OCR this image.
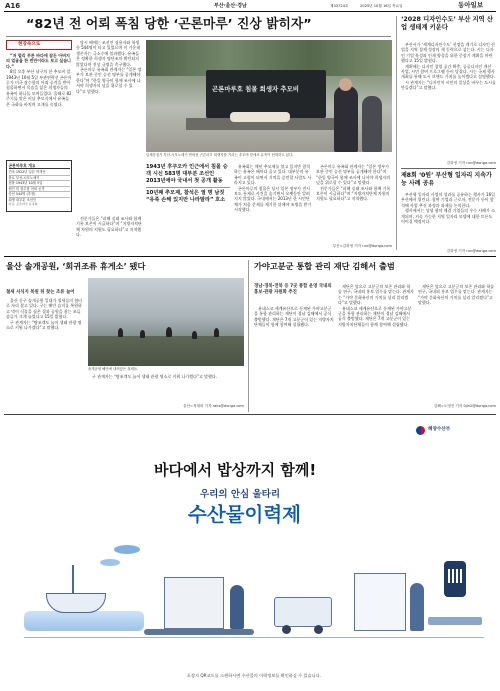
A16	부산·울산·경남	제33724호	2025년 10월 16일 목요일	동아일보
“82년 전 어뢰 폭침 당한 ‘곤론마루’ 진상 밝히자”
현장속으로

“저 멀리 푸른 바다에 잠든 아버지의 얼굴을 한 번만이라도 보고 싶습니다.”

8일 오후 부산 남구의 한 추모비 앞. 1943년 10월 5일 부관연락선 곤론마루가 미국 잠수함의 어뢰 공격을 받아 침몰하면서 목숨을 잃은 희생자들의 유족이 하나둘 모여들었다. 올해로 82주기를 맞은 이날 추모식에서 유족들은 국화를 바치며 고개를 숙였다.

당시 배에는 조선인 징용자와 학생 등 544명이 타고 있었으며 이 가운데 생존자는 극소수에 불과했다. 유족들은 정확한 희생자 명단조차 확인되지 않았다며 진상 규명을 촉구했다.

곤론마루 유족회 관계자는 “일본 정부가 보관 중인 승선 명부를 공개해야 한다”며 “한일 양국이 함께 조사에 나서야 희생자의 넋을 위로할 수 있다”고 말했다.

곤론마루호 개요
건조 1922년 일본 여객선
항로 부산-시모노세키
침몰 1943년 10월 5일
원인 미 잠수함 어뢰 공격
승선 544명 (추정)
희생 대부분 조선인
자료: 곤론마루 유족회

전문가들은 “피해 실태 조사와 함께 기록 보존이 시급하다”며 “지방자치단체 차원의 지원도 필요하다”고 지적했다.

곤론마루호 침몰 희생자 추모비
일제강점기 부산-시모노세키 연락선 곤론마루 희생자를 기리는 추모비 앞에서 유족이 헌화하고 있다.

1943년 후쿠오카 인근에서 침몰 승객 시신 583명 대부분 조선인 2013년에야 국내서 첫 공개 활동

10년째 추모제, 참석은 열 명 남짓 “유족 손해 있지만 나라말라” 호소

유족회는 매년 추모제를 열고 있지만 참석하는 유족은 해마다 줄고 있다. 대부분의 유족이 고령이 되면서 기억을 증언할 사람도 사라지고 있다.

곤론마루의 침몰은 당시 일본 정부가 전시 보도 통제로 사건을 숨기면서 오랫동안 알려지지 않았다. 국내에서는 2013년 한 시민단체가 처음 문제를 제기한 뒤에야 조명을 받기 시작했다.

곤론마루 유족회 관계자는 “일본 정부가 보관 중인 승선 명부를 공개해야 한다”며 “한일 양국이 함께 조사에 나서야 희생자의 넋을 위로할 수 있다”고 말했다.

전문가들은 “피해 실태 조사와 함께 기록 보존이 시급하다”며 “지방자치단체 차원의 지원도 필요하다”고 지적했다.

부산=김화영 기자 run@donga.com
‘2028 디자인수도’ 부산 지역 산업 생태계 키운다

부산시가 ‘세계디자인수도’ 선정을 계기로 디자인 산업을 지역 경제 성장의 새 동력으로 삼는다. 시는 디자인 기업 육성과 인재 양성을 위한 중장기 계획을 마련했다고 15일 밝혔다.

계획에는 디자인 창업 공간 확충, 공공디자인 개선 사업, 시민 참여 프로그램 등이 담겼다. 시는 국제 행사 개최를 통해 도시 브랜드 가치를 높이겠다고 설명했다.

시 관계자는 “디자인이 시민의 일상을 바꾸는 도시를 만들겠다”고 말했다.

김화영 기자 run@donga.com
제8회 ‘0원’ 부산형 일자리 지속가능 사례 공유

부산형 일자리 사업의 성과를 공유하는 행사가 16일 부산에서 열린다. 참여 기업과 근로자, 전문가 등이 참석해 사업 추진 과정과 과제를 논의한다.

행사에서는 상생 협약 체결 기업들의 우수 사례가 소개되며, 지속 가능한 지역 일자리 모델에 대한 토론도 이어질 예정이다.

김화영 기자 run@donga.com
울산 솔개공원, ‘회귀조류 휴게소’ 됐다
철새 서식지 복원 뒤 찾는 조류 늘어

울산 동구 솔개공원 일대가 철새들의 쉼터로 자리 잡고 있다. 구는 해안 습지를 복원하고 먹이 식물을 심은 결과 공원을 찾는 조류 종류가 크게 늘었다고 15일 밝혔다.

구 관계자는 “탐조객도 늘어 생태 관광 명소로 키워 나가겠다”고 말했다.

솔개공원 해안에 내려앉은 철새들.

구 관계자는 “탐조객도 늘어 생태 관광 명소로 키워 나가겠다”고 말했다.

울산=정재락 기자 raks@donga.com
가야고분군 통합 관리 재단 김해서 출범
경남·경북·전북 등 7곳 통합 운영 국내외 홍보·관광 자원화 추진

유네스코 세계유산으로 등재된 가야고분군을 통합 관리하는 재단이 경남 김해에서 공식 출범했다. 재단은 7개 고분군이 있는 지방자치단체들이 함께 참여해 설립됐다.

재단은 앞으로 고분군의 보존 관리와 학술 연구, 국내외 홍보 업무를 맡는다. 관계자는 “가야 문화유산의 가치를 널리 알리겠다”고 말했다.

유네스코 세계유산으로 등재된 가야고분군을 통합 관리하는 재단이 경남 김해에서 공식 출범했다. 재단은 7개 고분군이 있는 지방자치단체들이 함께 참여해 설립됐다.

재단은 앞으로 고분군의 보존 관리와 학술 연구, 국내외 홍보 업무를 맡는다. 관계자는 “가야 문화유산의 가치를 널리 알리겠다”고 말했다.

김해=도영진 기자 0jin2@donga.com
해양수산부
바다에서 밥상까지 함께!
우리의 안심 울타리
수산물이력제
포장지 QR코드를 스캔하시면 수산물의 이력정보를 확인하실 수 있습니다.
